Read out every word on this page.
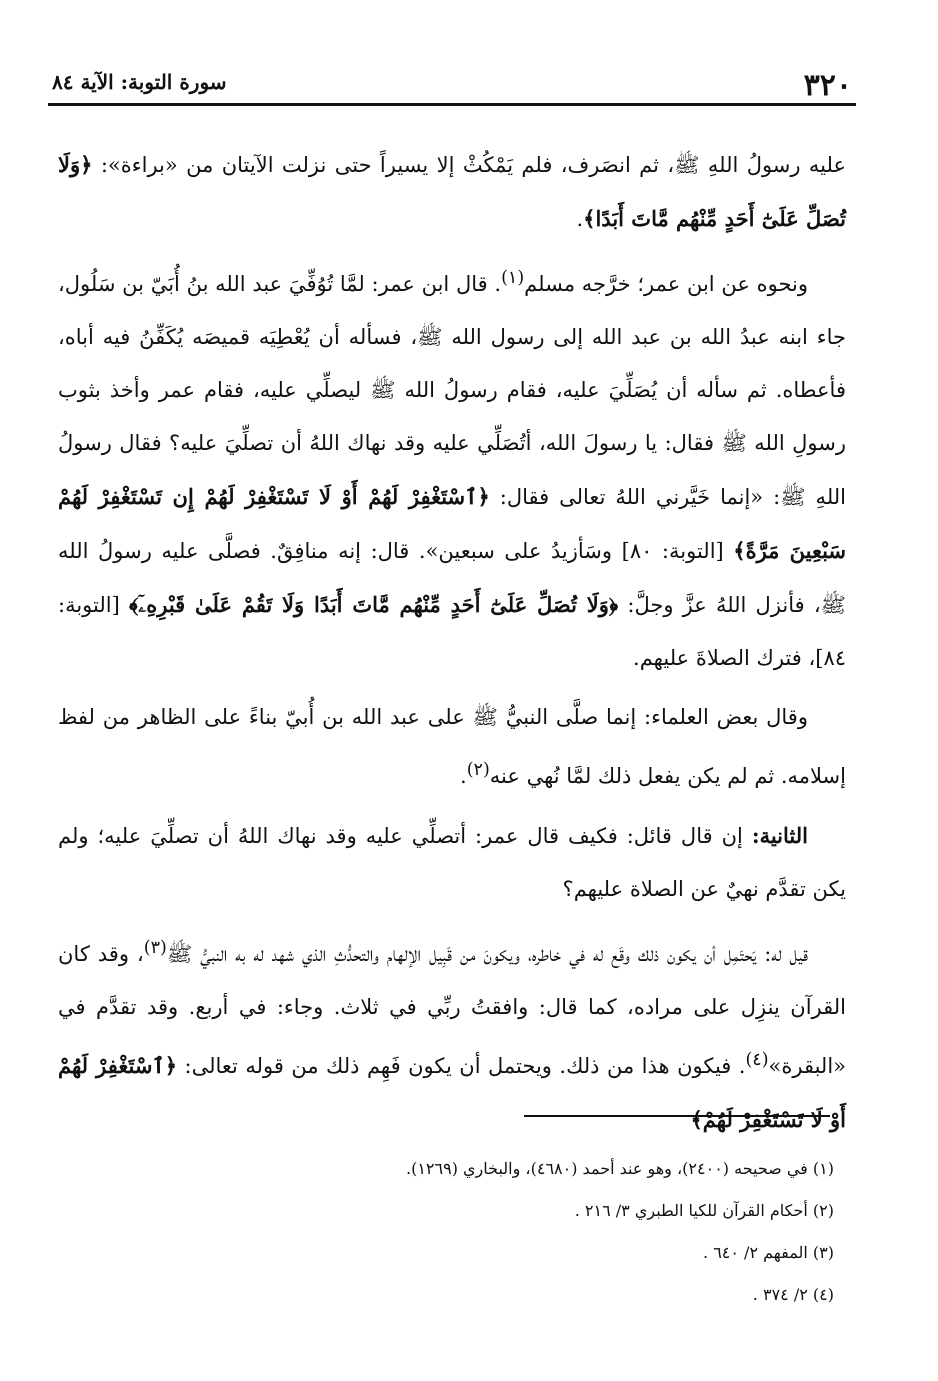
٣٢٠
سورة التوبة: الآية ٨٤

عليه رسولُ اللهِ ﷺ، ثم انصَرف، فلم يَمْكُثْ إلا يسيراً حتى نزلت الآيتان من «براءة»: ﴿وَلَا تُصَلِّ عَلَىٰٓ أَحَدٍ مِّنْهُم مَّاتَ أَبَدًا﴾.

ونحوه عن ابن عمر؛ خرَّجه مسلم$^{(١)}$. قال ابن عمر: لمَّا تُوُفِّيَ عبد الله بنُ أُبَيّ بن سَلُول، جاء ابنه عبدُ الله بن عبد الله إلى رسول الله ﷺ، فسأله أن يُعْطِيَه قميصَه يُكَفِّنُ فيه أباه، فأعطاه. ثم سأله أن يُصَلِّيَ عليه، فقام رسولُ الله ﷺ ليصلِّي عليه، فقام عمر وأخذ بثوب رسولِ الله ﷺ فقال: يا رسولَ الله، أتُصَلِّي عليه وقد نهاك اللهُ أن تصلِّيَ عليه؟ فقال رسولُ اللهِ ﷺ: «إنما خَيَّرني اللهُ تعالى فقال: ﴿ٱسْتَغْفِرْ لَهُمْ أَوْ لَا تَسْتَغْفِرْ لَهُمْ إِن تَسْتَغْفِرْ لَهُمْ سَبْعِينَ مَرَّةً﴾ [التوبة: ٨٠] وسَأزيدُ على سبعين». قال: إنه منافِقٌ. فصلَّى عليه رسولُ الله ﷺ، فأنزل اللهُ عزَّ وجلَّ: ﴿وَلَا تُصَلِّ عَلَىٰٓ أَحَدٍ مِّنْهُم مَّاتَ أَبَدًا وَلَا تَقُمْ عَلَىٰ قَبْرِهِۦٓ﴾ [التوبة: ٨٤]، فترك الصلاةَ عليهم.

وقال بعض العلماء: إنما صلَّى النبيُّ ﷺ على عبد الله بن أُبيّ بناءً على الظاهر من لفظ إسلامه. ثم لم يكن يفعل ذلك لمَّا نُهي عنه$^{(٢)}$.

الثانية: إن قال قائل: فكيف قال عمر: أتصلِّي عليه وقد نهاك اللهُ أن تصلِّيَ عليه؛ ولم يكن تقدَّم نهيٌ عن الصلاة عليهم؟

قيل له: يَحتَمِل أن يكون ذلك وقَع له في خاطره، ويكونَ من قَبِيل الإلهام والتحدُّثِ الذي شهد له به النبيُّ ﷺ$^{(٣)}$، وقد كان القرآن ينزِل على مراده، كما قال: وافقتُ ربِّي في ثلاث. وجاء: في أربع. وقد تقدَّم في «البقرة»$^{(٤)}$. فيكون هذا من ذلك. ويحتمل أن يكون فَهِم ذلك من قوله تعالى: ﴿ٱسْتَغْفِرْ لَهُمْ أَوْ لَا تَسْتَغْفِرْ لَهُمْ﴾

(١) في صحيحه (٢٤٠٠)، وهو عند أحمد (٤٦٨٠)، والبخاري (١٢٦٩).
(٢) أحكام القرآن للكيا الطبري ٣/ ٢١٦ .
(٣) المفهم ٢/ ٦٤٠ .
(٤) ٢/ ٣٧٤ .
